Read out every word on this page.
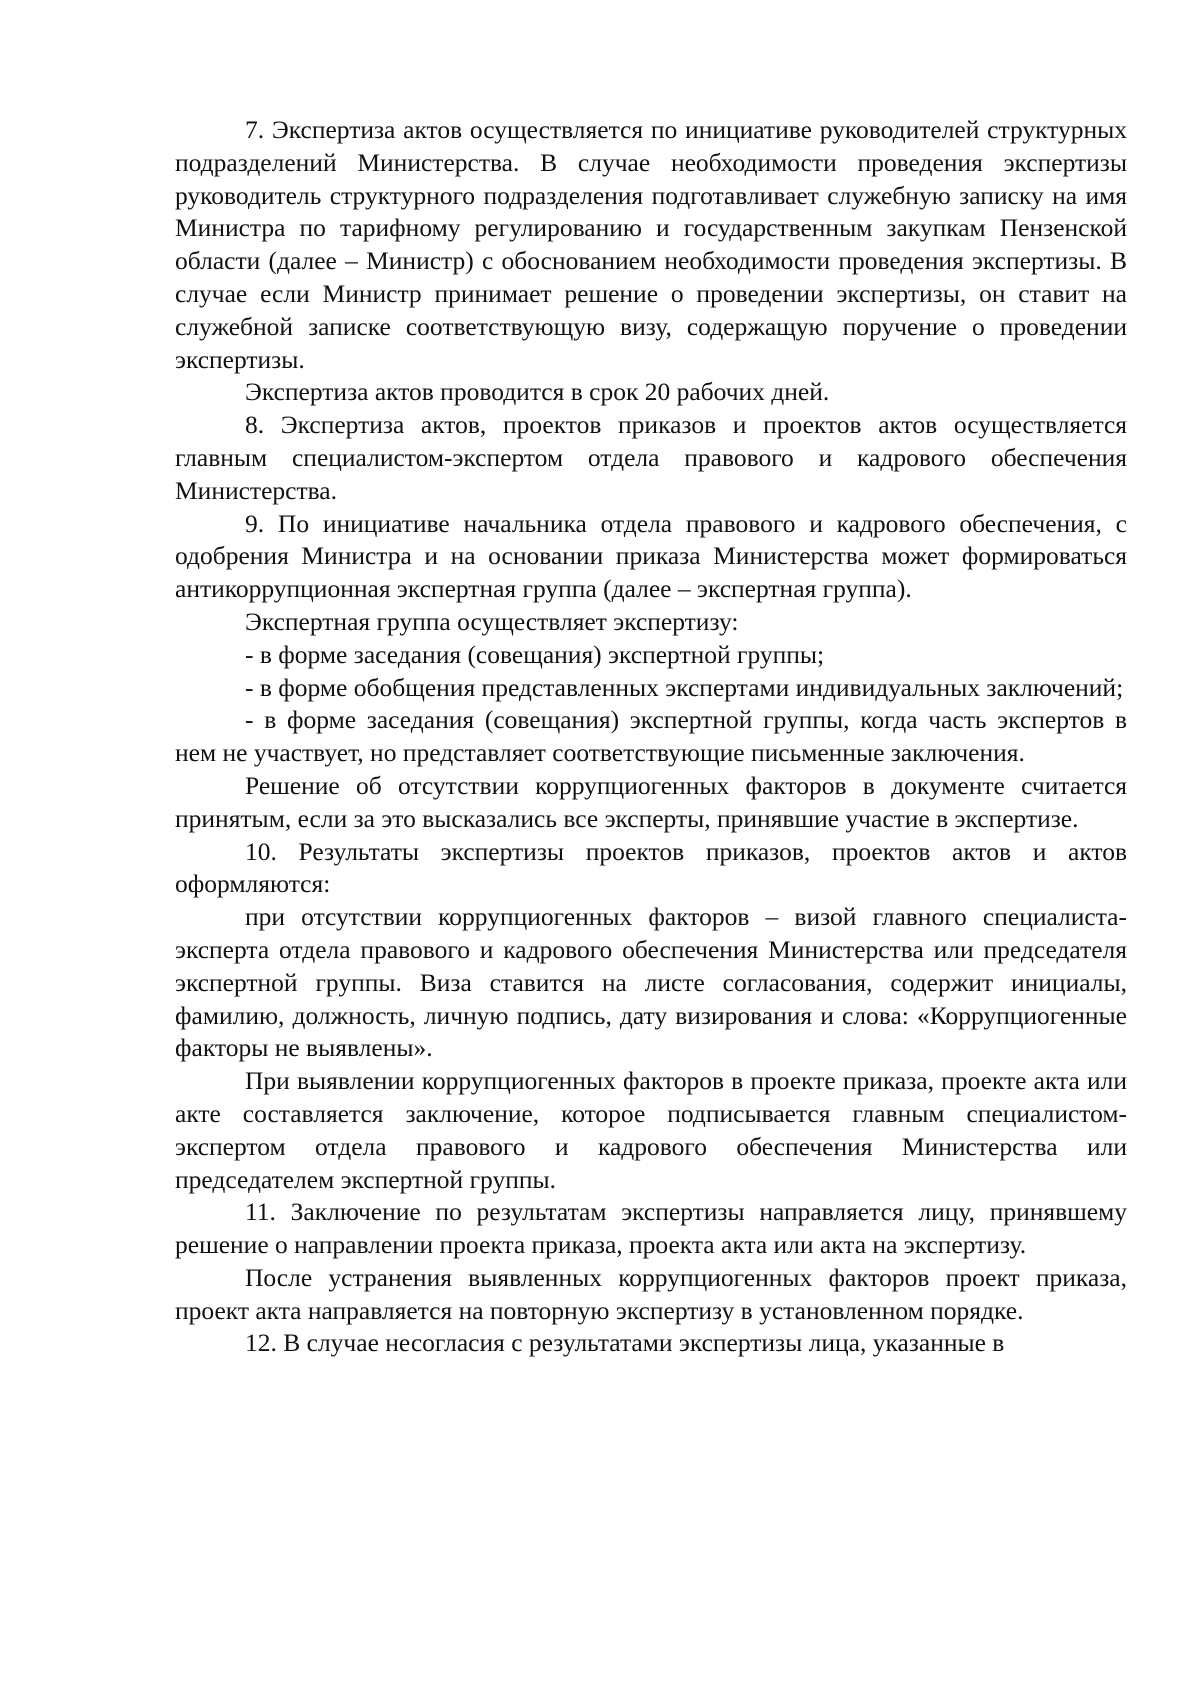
7. Экспертиза актов осуществляется по инициативе руководителей структурных подразделений Министерства. В случае необходимости проведения экспертизы руководитель структурного подразделения подготавливает служебную записку на имя Министра по тарифному регулированию и государственным закупкам Пензенской области (далее – Министр) с обоснованием необходимости проведения экспертизы. В случае если Министр принимает решение о проведении экспертизы, он ставит на служебной записке соответствующую визу, содержащую поручение о проведении экспертизы.

Экспертиза актов проводится в срок 20 рабочих дней.

8. Экспертиза актов, проектов приказов и проектов актов осуществляется главным специалистом-экспертом отдела правового и кадрового обеспечения Министерства.

9. По инициативе начальника отдела правового и кадрового обеспечения, с одобрения Министра и на основании приказа Министерства может формироваться антикоррупционная экспертная группа (далее – экспертная группа).

Экспертная группа осуществляет экспертизу:

- в форме заседания (совещания) экспертной группы;

- в форме обобщения представленных экспертами индивидуальных заключений;

- в форме заседания (совещания) экспертной группы, когда часть экспертов в нем не участвует, но представляет соответствующие письменные заключения.

Решение об отсутствии коррупциогенных факторов в документе считается принятым, если за это высказались все эксперты, принявшие участие в экспертизе.

10. Результаты экспертизы проектов приказов, проектов актов и актов оформляются:

при отсутствии коррупциогенных факторов – визой главного специалиста-эксперта отдела правового и кадрового обеспечения Министерства или председателя экспертной группы. Виза ставится на листе согласования, содержит инициалы, фамилию, должность, личную подпись, дату визирования и слова: «Коррупциогенные факторы не выявлены».

При выявлении коррупциогенных факторов в проекте приказа, проекте акта или акте составляется заключение, которое подписывается главным специалистом-экспертом отдела правового и кадрового обеспечения Министерства или председателем экспертной группы.

11. Заключение по результатам экспертизы направляется лицу, принявшему решение о направлении проекта приказа, проекта акта или акта на экспертизу.

После устранения выявленных коррупциогенных факторов проект приказа, проект акта направляется на повторную экспертизу в установленном порядке.

12. В случае несогласия с результатами экспертизы лица, указанные в
